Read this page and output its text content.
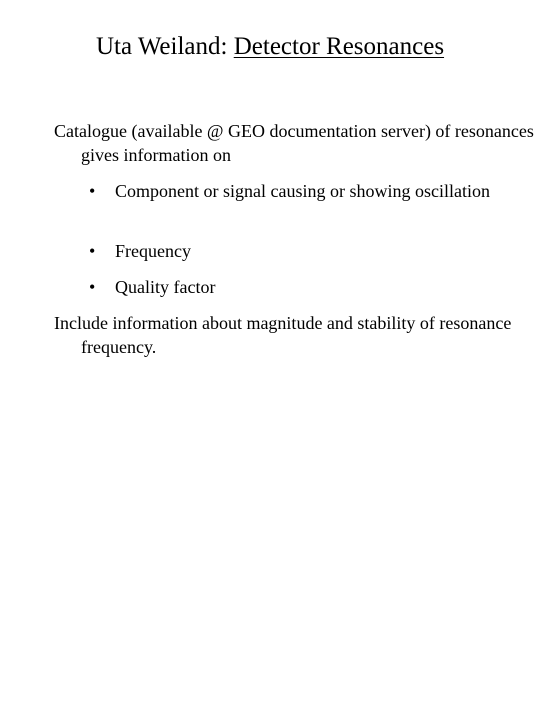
Uta Weiland: Detector Resonances

Catalogue (available @ GEO documentation server) of resonances gives information on

•	Component or signal causing or showing oscillation
•	Frequency
•	Quality factor

Include information about magnitude and stability of resonance frequency.
